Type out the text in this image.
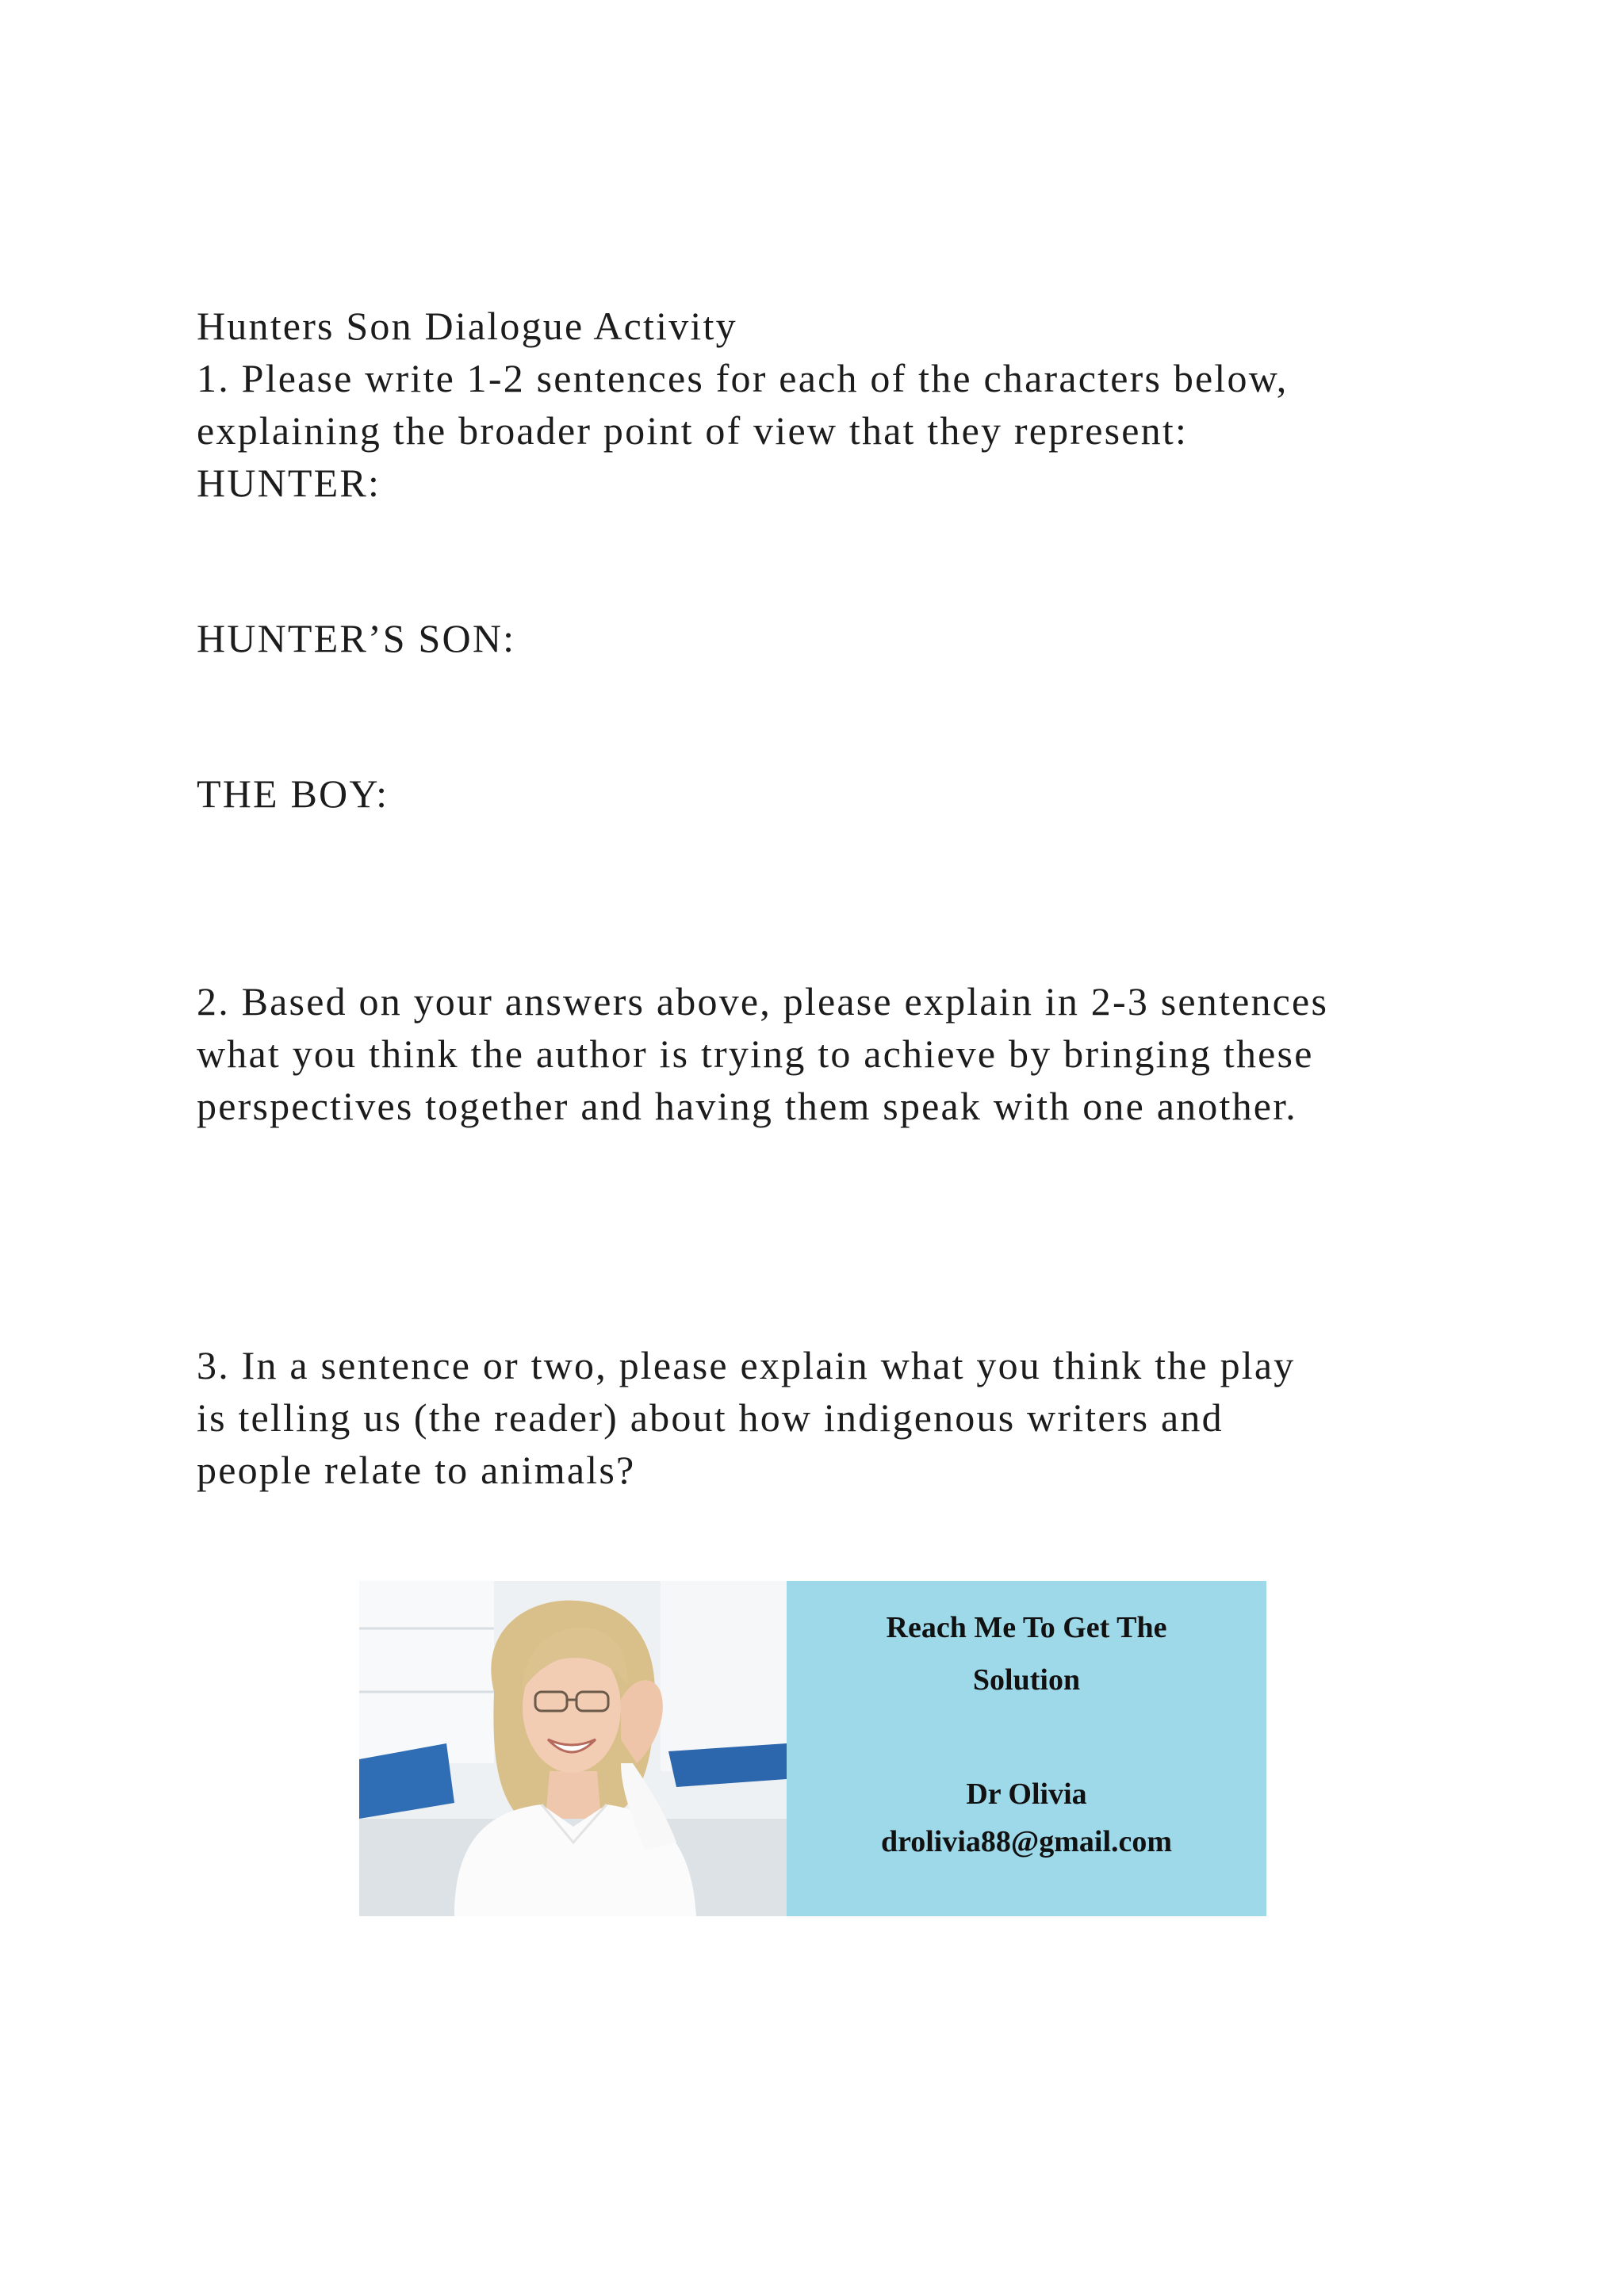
Hunters Son Dialogue Activity
1. Please write 1-2 sentences for each of the characters below,
explaining the broader point of view that they represent:
HUNTER:
HUNTER’S SON:
THE BOY:
2. Based on your answers above, please explain in 2-3 sentences
what you think the author is trying to achieve by bringing these
perspectives together and having them speak with one another.
3. In a sentence or two, please explain what you think the play
is telling us (the reader) about how indigenous writers and
people relate to animals?
Reach Me To Get The
Solution
Dr Olivia
drolivia88@gmail.com
